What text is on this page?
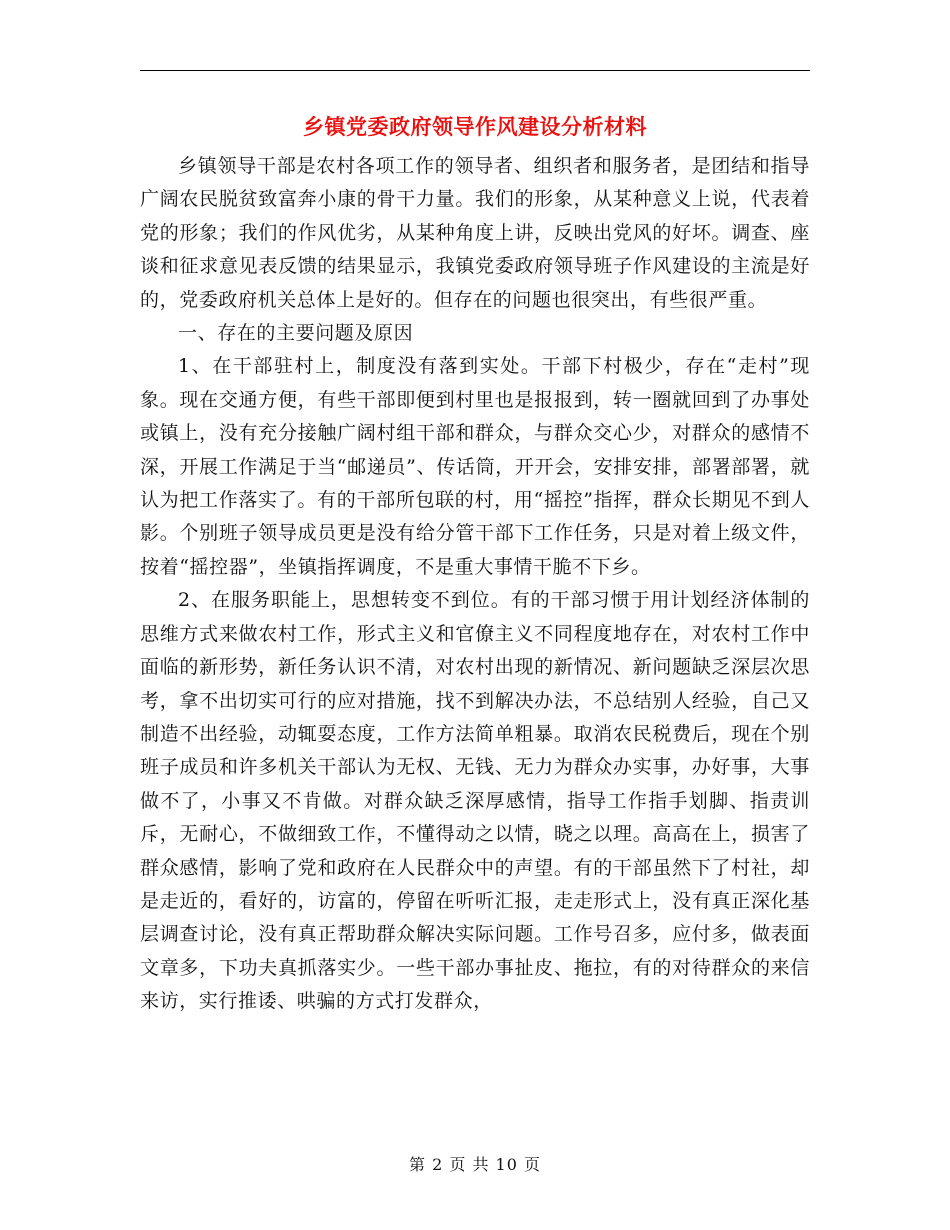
乡镇党委政府领导作风建设分析材料

乡镇领导干部是农村各项工作的领导者、组织者和服务者，是团结和指导广阔农民脱贫致富奔小康的骨干力量。我们的形象，从某种意义上说，代表着党的形象；我们的作风优劣，从某种角度上讲，反映出党风的好坏。调查、座谈和征求意见表反馈的结果显示，我镇党委政府领导班子作风建设的主流是好的，党委政府机关总体上是好的。但存在的问题也很突出，有些很严重。

一、存在的主要问题及原因

1、在干部驻村上，制度没有落到实处。干部下村极少，存在“走村”现象。现在交通方便，有些干部即便到村里也是报报到，转一圈就回到了办事处或镇上，没有充分接触广阔村组干部和群众，与群众交心少，对群众的感情不深，开展工作满足于当“邮递员”、传话筒，开开会，安排安排，部署部署，就认为把工作落实了。有的干部所包联的村，用“摇控”指挥，群众长期见不到人影。个别班子领导成员更是没有给分管干部下工作任务，只是对着上级文件，按着“摇控器”，坐镇指挥调度，不是重大事情干脆不下乡。

2、在服务职能上，思想转变不到位。有的干部习惯于用计划经济体制的思维方式来做农村工作，形式主义和官僚主义不同程度地存在，对农村工作中面临的新形势，新任务认识不清，对农村出现的新情况、新问题缺乏深层次思考，拿不出切实可行的应对措施，找不到解决办法，不总结别人经验，自己又制造不出经验，动辄耍态度，工作方法简单粗暴。取消农民税费后，现在个别班子成员和许多机关干部认为无权、无钱、无力为群众办实事，办好事，大事做不了，小事又不肯做。对群众缺乏深厚感情，指导工作指手划脚、指责训斥，无耐心，不做细致工作，不懂得动之以情，晓之以理。高高在上，损害了群众感情，影响了党和政府在人民群众中的声望。有的干部虽然下了村社，却是走近的，看好的，访富的，停留在听听汇报，走走形式上，没有真正深化基层调查讨论，没有真正帮助群众解决实际问题。工作号召多，应付多，做表面文章多，下功夫真抓落实少。一些干部办事扯皮、拖拉，有的对待群众的来信来访，实行推诿、哄骗的方式打发群众，

第 2 页 共 10 页
